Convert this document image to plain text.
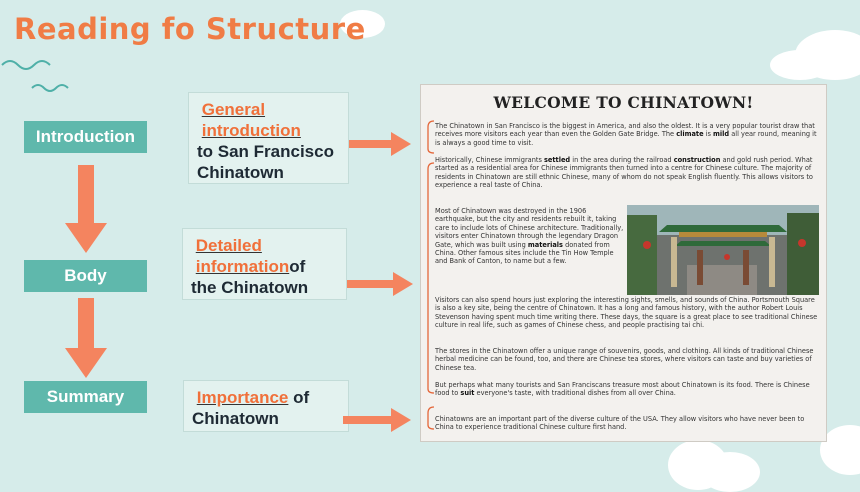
Reading fo Structure
Introduction
Body
Summary
General
introduction
to San Francisco
Chinatown
Detailed
informationof
the Chinatown
Importance of
Chinatown
WELCOME TO CHINATOWN!
The Chinatown in San Francisco is the biggest in America, and also the oldest. It is a very popular tourist draw that receives more visitors each year than even the Golden Gate Bridge. The climate is mild all year round, meaning it is always a good time to visit.
Historically, Chinese immigrants settled in the area during the railroad construction and gold rush period. What started as a residential area for Chinese immigrants then turned into a centre for Chinese culture. The majority of residents in Chinatown are still ethnic Chinese, many of whom do not speak English fluently. This allows visitors to experience a real taste of China.
Most of Chinatown was destroyed in the 1906 earthquake, but the city and residents rebuilt it, taking care to include lots of Chinese architecture. Traditionally, visitors enter Chinatown through the legendary Dragon Gate, which was built using materials donated from China. Other famous sites include the Tin How Temple and Bank of Canton, to name but a few.
Visitors can also spend hours just exploring the interesting sights, smells, and sounds of China. Portsmouth Square is also a key site, being the centre of Chinatown. It has a long and famous history, with the author Robert Louis Stevenson having spent much time writing there. These days, the square is a great place to see traditional Chinese culture in real life, such as games of Chinese chess, and people practising tai chi.
The stores in the Chinatown offer a unique range of souvenirs, goods, and clothing. All kinds of traditional Chinese herbal medicine can be found, too, and there are Chinese tea stores, where visitors can taste and buy varieties of Chinese tea.
But perhaps what many tourists and San Franciscans treasure most about Chinatown is its food. There is Chinese food to suit everyone's taste, with traditional dishes from all over China.
Chinatowns are an important part of the diverse culture of the USA. They allow visitors who have never been to China to experience traditional Chinese culture first hand.
